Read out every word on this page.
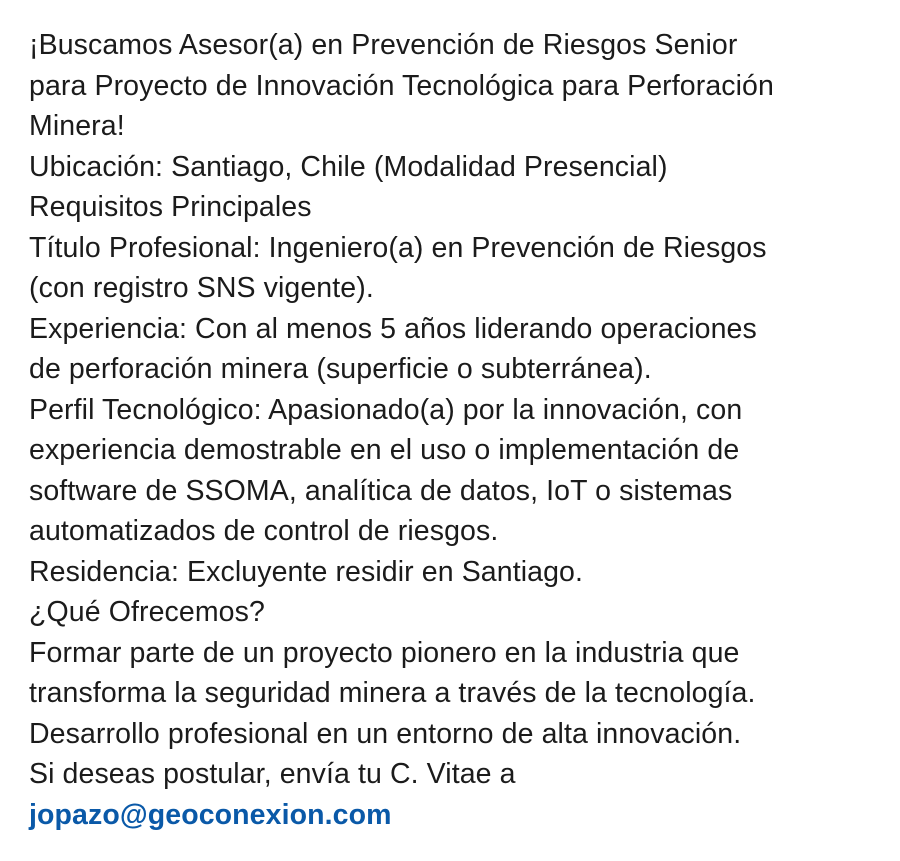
¡Buscamos Asesor(a) en Prevención de Riesgos Senior
para Proyecto de Innovación Tecnológica para Perforación
Minera!
Ubicación: Santiago, Chile (Modalidad Presencial)
Requisitos Principales
Título Profesional: Ingeniero(a) en Prevención de Riesgos
(con registro SNS vigente).
Experiencia: Con al menos 5 años liderando operaciones
de perforación minera (superficie o subterránea).
Perfil Tecnológico: Apasionado(a) por la innovación, con
experiencia demostrable en el uso o implementación de
software de SSOMA, analítica de datos, IoT o sistemas
automatizados de control de riesgos.
Residencia: Excluyente residir en Santiago.
¿Qué Ofrecemos?
Formar parte de un proyecto pionero en la industria que
transforma la seguridad minera a través de la tecnología.
Desarrollo profesional en un entorno de alta innovación.
Si deseas postular, envía tu C. Vitae a
jopazo@geoconexion.com
